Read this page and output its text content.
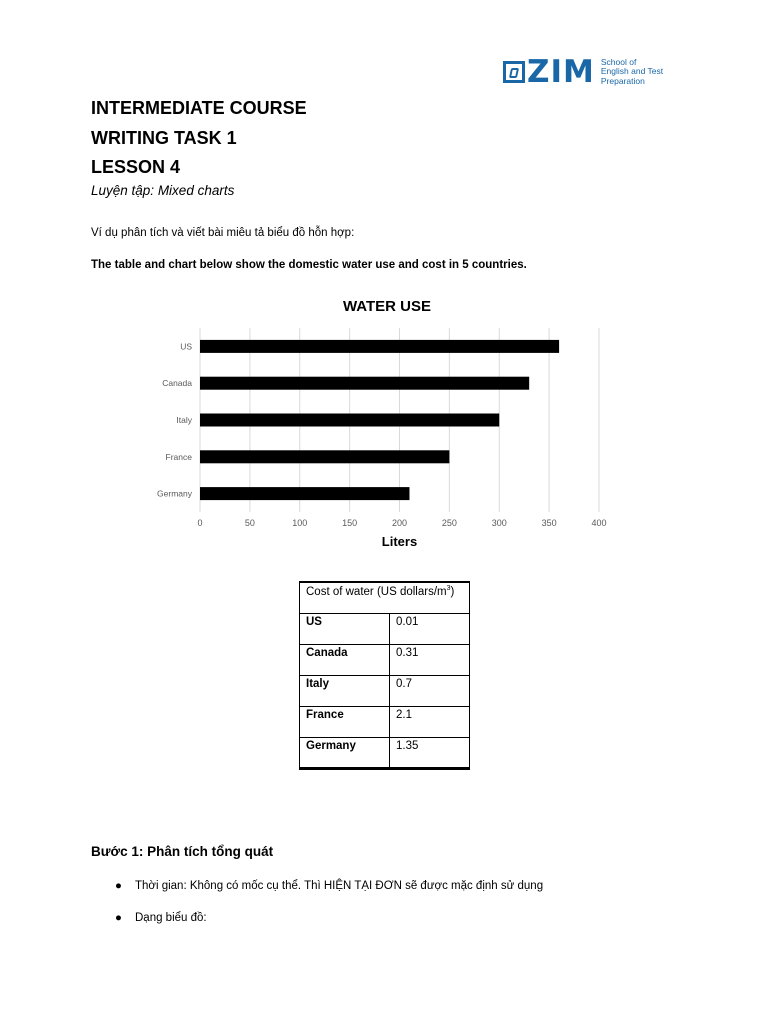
ZIM School of
English and Test
Preparation
INTERMEDIATE COURSE
WRITING TASK 1
LESSON 4
Luyện tập: Mixed charts
Ví dụ phân tích và viết bài miêu tả biểu đồ hỗn hợp:
The table and chart below show the domestic water use and cost in 5 countries.
WATER USE
0	50	100	150	200	250	300	350	400
US
Canada
Italy
France
Germany
Liters
Cost of water (US dollars/$m^3$)	
US	0.01
Canada	0.31
Italy	0.7
France	2.1
Germany	1.35
Bước 1: Phân tích tổng quát
●	Thời gian: Không có mốc cụ thể. Thì HIỆN TẠI ĐƠN sẽ được mặc định sử dụng
●	Dạng biểu đồ:
